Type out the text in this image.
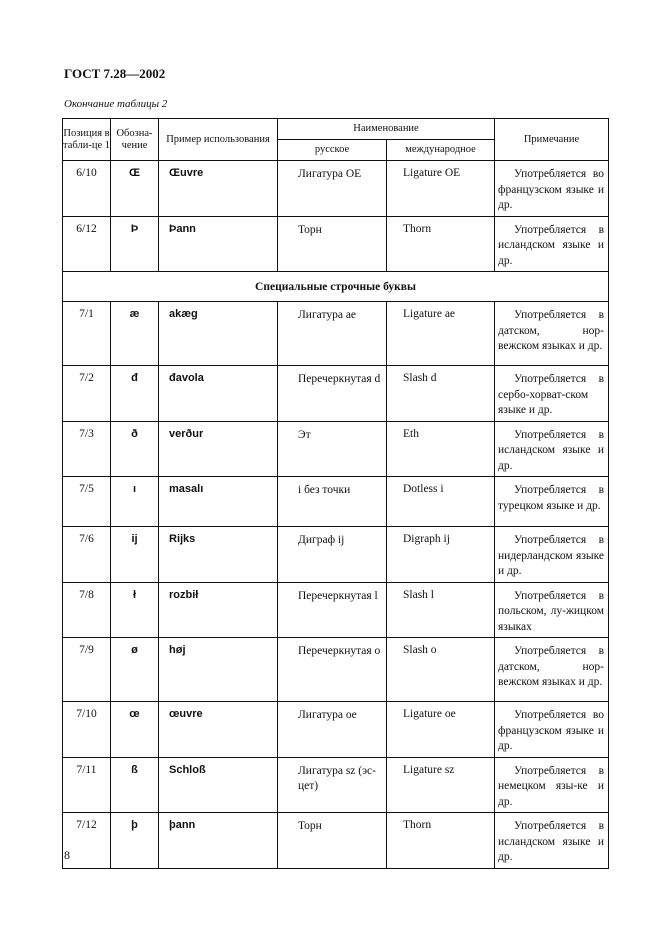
ГОСТ 7.28—2002
Окончание таблицы 2
Позиция в табли-це 1	Обозна-чение	Пример использования	Наименование		Примечание
			русское	международное	
6/10	Œ	Œuvre	Лигатура OE	Ligature OE	Употребляется во французском языке и др.
6/12	Þ	Þann	Торн	Thorn	Употребляется в исландском языке и др.
Специальные строчные буквы					
7/1	æ	akæg	Лигатура ae	Ligature ae	Употребляется в датском, нор-вежском языках и др.
7/2	đ	đavola	Перечеркнутая d	Slash d	Употребляется в сербо-хорват-ском языке и др.
7/3	ð	verður	Эт	Eth	Употребляется в исландском языке и др.
7/5	ı	masalı	i без точки	Dotless i	Употребляется в турецком языке и др.
7/6	ĳ	Rĳks	Диграф ij	Digraph ij	Употребляется в нидерландском языке и др.
7/8	ł	rozbił	Перечеркнутая l	Slash l	Употребляется в польском, лу-жицком языках
7/9	ø	høj	Перечеркнутая o	Slash o	Употребляется в датском, нор-вежском языках и др.
7/10	œ	œuvre	Лигатура oe	Ligature oe	Употребляется во французском языке и др.
7/11	ß	Schloß	Лигатура sz (эс-цет)	Ligature sz	Употребляется в немецком язы-ке и др.
7/12	þ	þann	Торн	Thorn	Употребляется в исландском языке и др.
8
